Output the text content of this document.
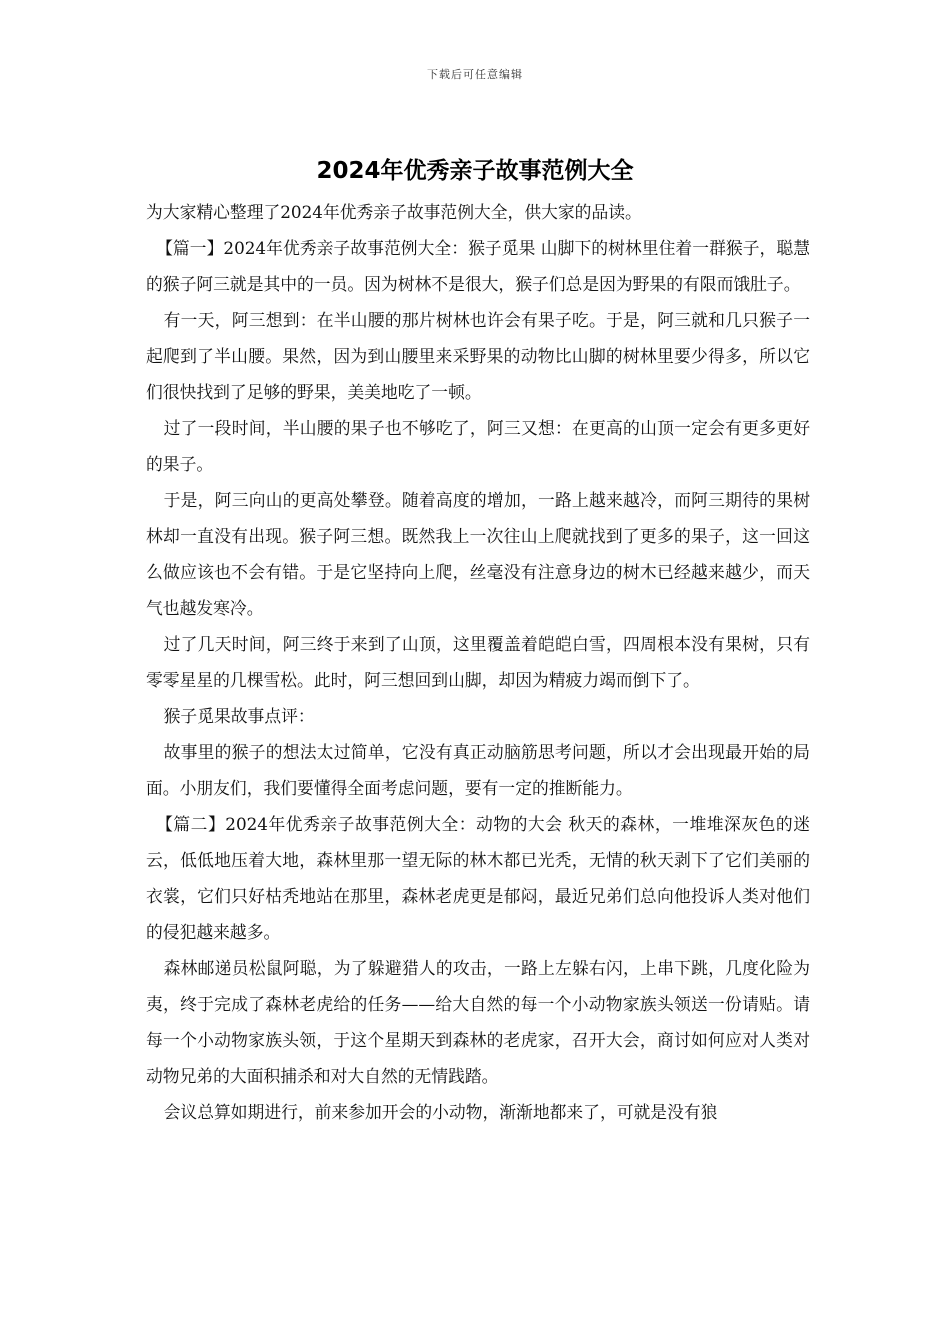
下载后可任意编辑
2024年优秀亲子故事范例大全

为大家精心整理了2024年优秀亲子故事范例大全，供大家的品读。

【篇一】2024年优秀亲子故事范例大全：猴子觅果 山脚下的树林里住着一群猴子，聪慧的猴子阿三就是其中的一员。因为树林不是很大，猴子们总是因为野果的有限而饿肚子。

有一天，阿三想到：在半山腰的那片树林也许会有果子吃。于是，阿三就和几只猴子一起爬到了半山腰。果然，因为到山腰里来采野果的动物比山脚的树林里要少得多，所以它们很快找到了足够的野果，美美地吃了一顿。

过了一段时间，半山腰的果子也不够吃了，阿三又想：在更高的山顶一定会有更多更好的果子。

于是，阿三向山的更高处攀登。随着高度的增加，一路上越来越冷，而阿三期待的果树林却一直没有出现。猴子阿三想。既然我上一次往山上爬就找到了更多的果子，这一回这么做应该也不会有错。于是它坚持向上爬，丝毫没有注意身边的树木已经越来越少，而天气也越发寒冷。

过了几天时间，阿三终于来到了山顶，这里覆盖着皑皑白雪，四周根本没有果树，只有零零星星的几棵雪松。此时，阿三想回到山脚，却因为精疲力竭而倒下了。

猴子觅果故事点评：

故事里的猴子的想法太过简单，它没有真正动脑筋思考问题，所以才会出现最开始的局面。小朋友们，我们要懂得全面考虑问题，要有一定的推断能力。

【篇二】2024年优秀亲子故事范例大全：动物的大会 秋天的森林，一堆堆深灰色的迷云，低低地压着大地，森林里那一望无际的林木都已光秃，无情的秋天剥下了它们美丽的衣裳，它们只好枯秃地站在那里，森林老虎更是郁闷，最近兄弟们总向他投诉人类对他们的侵犯越来越多。

森林邮递员松鼠阿聪，为了躲避猎人的攻击，一路上左躲右闪，上串下跳，几度化险为夷，终于完成了森林老虎给的任务——给大自然的每一个小动物家族头领送一份请贴。请每一个小动物家族头领，于这个星期天到森林的老虎家，召开大会，商讨如何应对人类对动物兄弟的大面积捕杀和对大自然的无情践踏。

会议总算如期进行，前来参加开会的小动物，渐渐地都来了，可就是没有狼
